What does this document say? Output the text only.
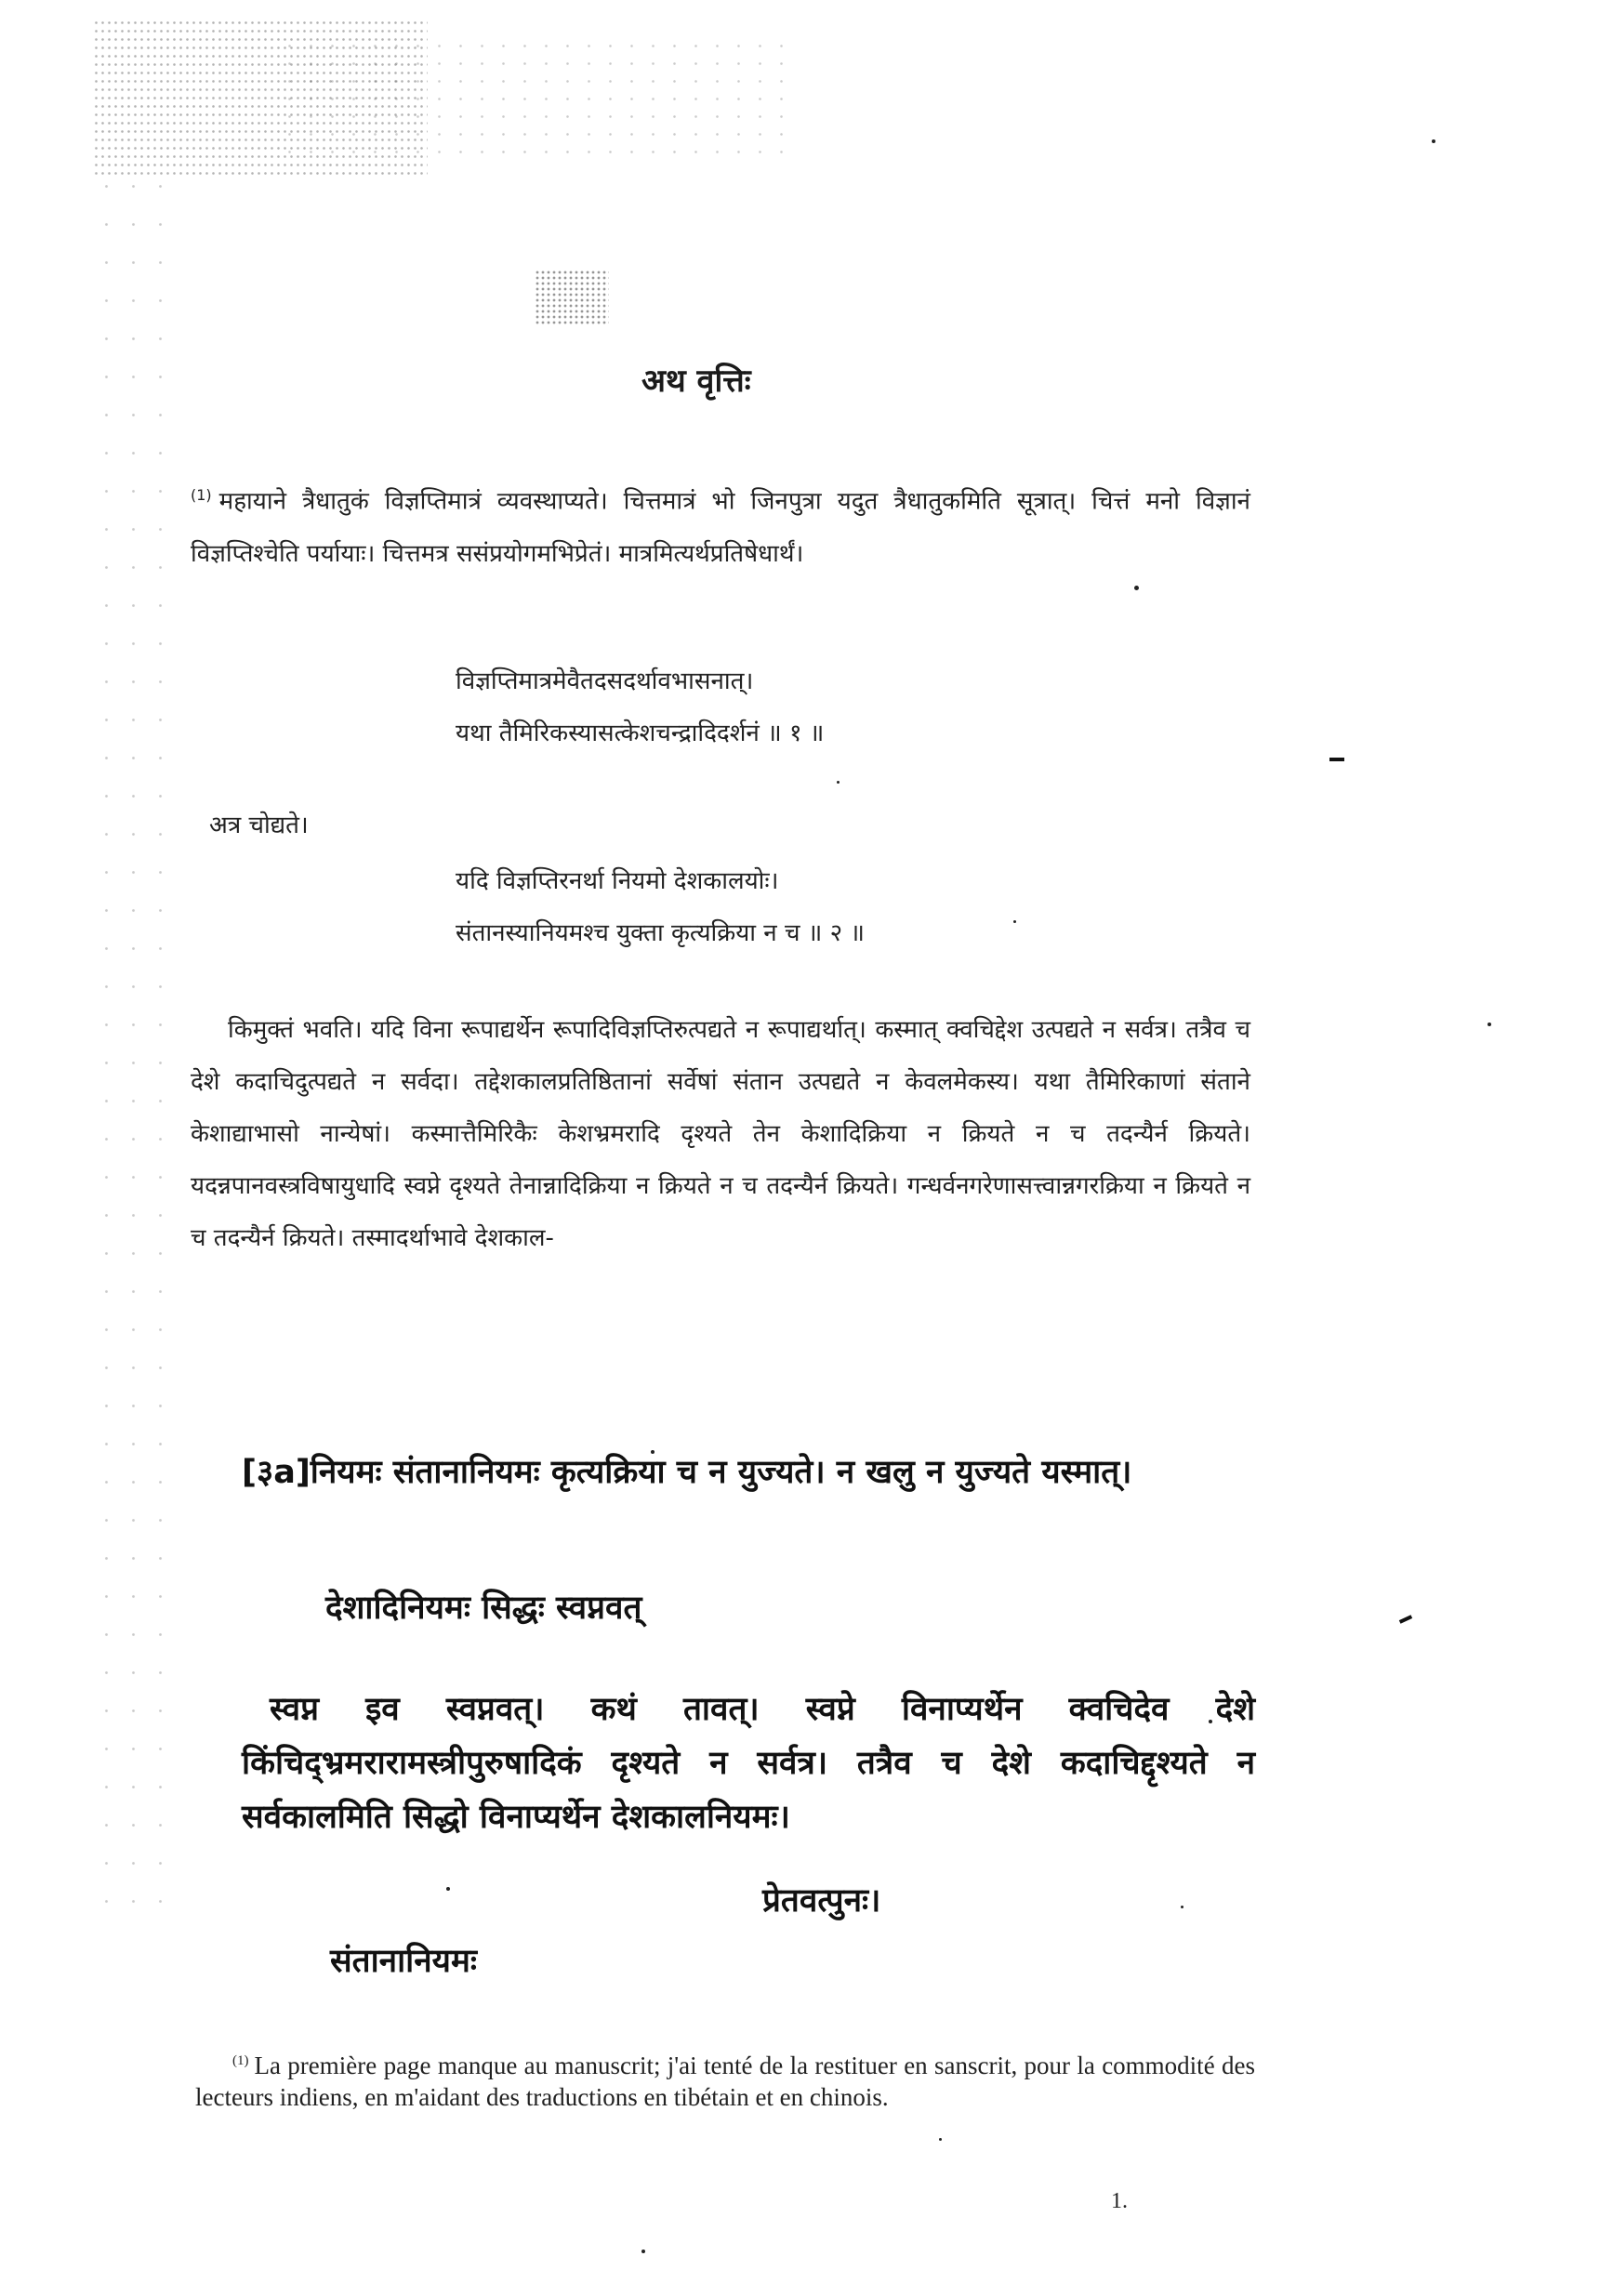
अथ वृत्तिः
$^{(1)}$ महायाने त्रैधातुकं विज्ञप्तिमात्रं व्यवस्थाप्यते। चित्तमात्रं भो जिनपुत्रा यदुत त्रैधातुकमिति सूत्रात्। चित्तं मनो विज्ञानं विज्ञप्तिश्चेति पर्यायाः। चित्तमत्र ससंप्रयोगमभिप्रेतं। मात्रमित्यर्थप्रतिषेधार्थं।
विज्ञप्तिमात्रमेवैतदसदर्थावभासनात्।
यथा तैमिरिकस्यासत्केशचन्द्रादिदर्शनं ॥ १ ॥
अत्र चोद्यते।
यदि विज्ञप्तिरनर्था नियमो देशकालयोः।
संतानस्यानियमश्च युक्ता कृत्यक्रिया न च ॥ २ ॥
किमुक्तं भवति। यदि विना रूपाद्यर्थेन रूपादिविज्ञप्तिरुत्पद्यते न रूपाद्यर्थात्। कस्मात् क्वचिद्देश उत्पद्यते न सर्वत्र। तत्रैव च देशे कदाचिदुत्पद्यते न सर्वदा। तद्देशकालप्रतिष्ठितानां सर्वेषां संतान उत्पद्यते न केवलमेकस्य। यथा तैमिरिकाणां संताने केशाद्याभासो नान्येषां। कस्मात्तैमिरिकैः केशभ्रमरादि दृश्यते तेन केशादिक्रिया न क्रियते न च तदन्यैर्न क्रियते। यदन्नपानवस्त्रविषायुधादि स्वप्ने दृश्यते तेनान्नादिक्रिया न क्रियते न च तदन्यैर्न क्रियते। गन्धर्वनगरेणासत्त्वान्नगरक्रिया न क्रियते न च तदन्यैर्न क्रियते। तस्मादर्थाभावे देशकाल-
[३a]नियमः संतानानियमः कृत्यक्रिया च न युज्यते। न खलु न युज्यते यस्मात्।
देशादिनियमः सिद्धः स्वप्नवत्
स्वप्न इव स्वप्नवत्। कथं तावत्। स्वप्ने विनाप्यर्थेन क्वचिदेव देशे किंचिद्भ्रमरारामस्त्रीपुरुषादिकं दृश्यते न सर्वत्र। तत्रैव च देशे कदाचिद्दृश्यते न सर्वकालमिति सिद्धो विनाप्यर्थेन देशकालनियमः।
प्रेतवत्पुनः।
संतानानियमः
$^{(1)}$ La première page manque au manuscrit; j'ai tenté de la restituer en sanscrit, pour la commodité des lecteurs indiens, en m'aidant des traductions en tibétain et en chinois.
1.
